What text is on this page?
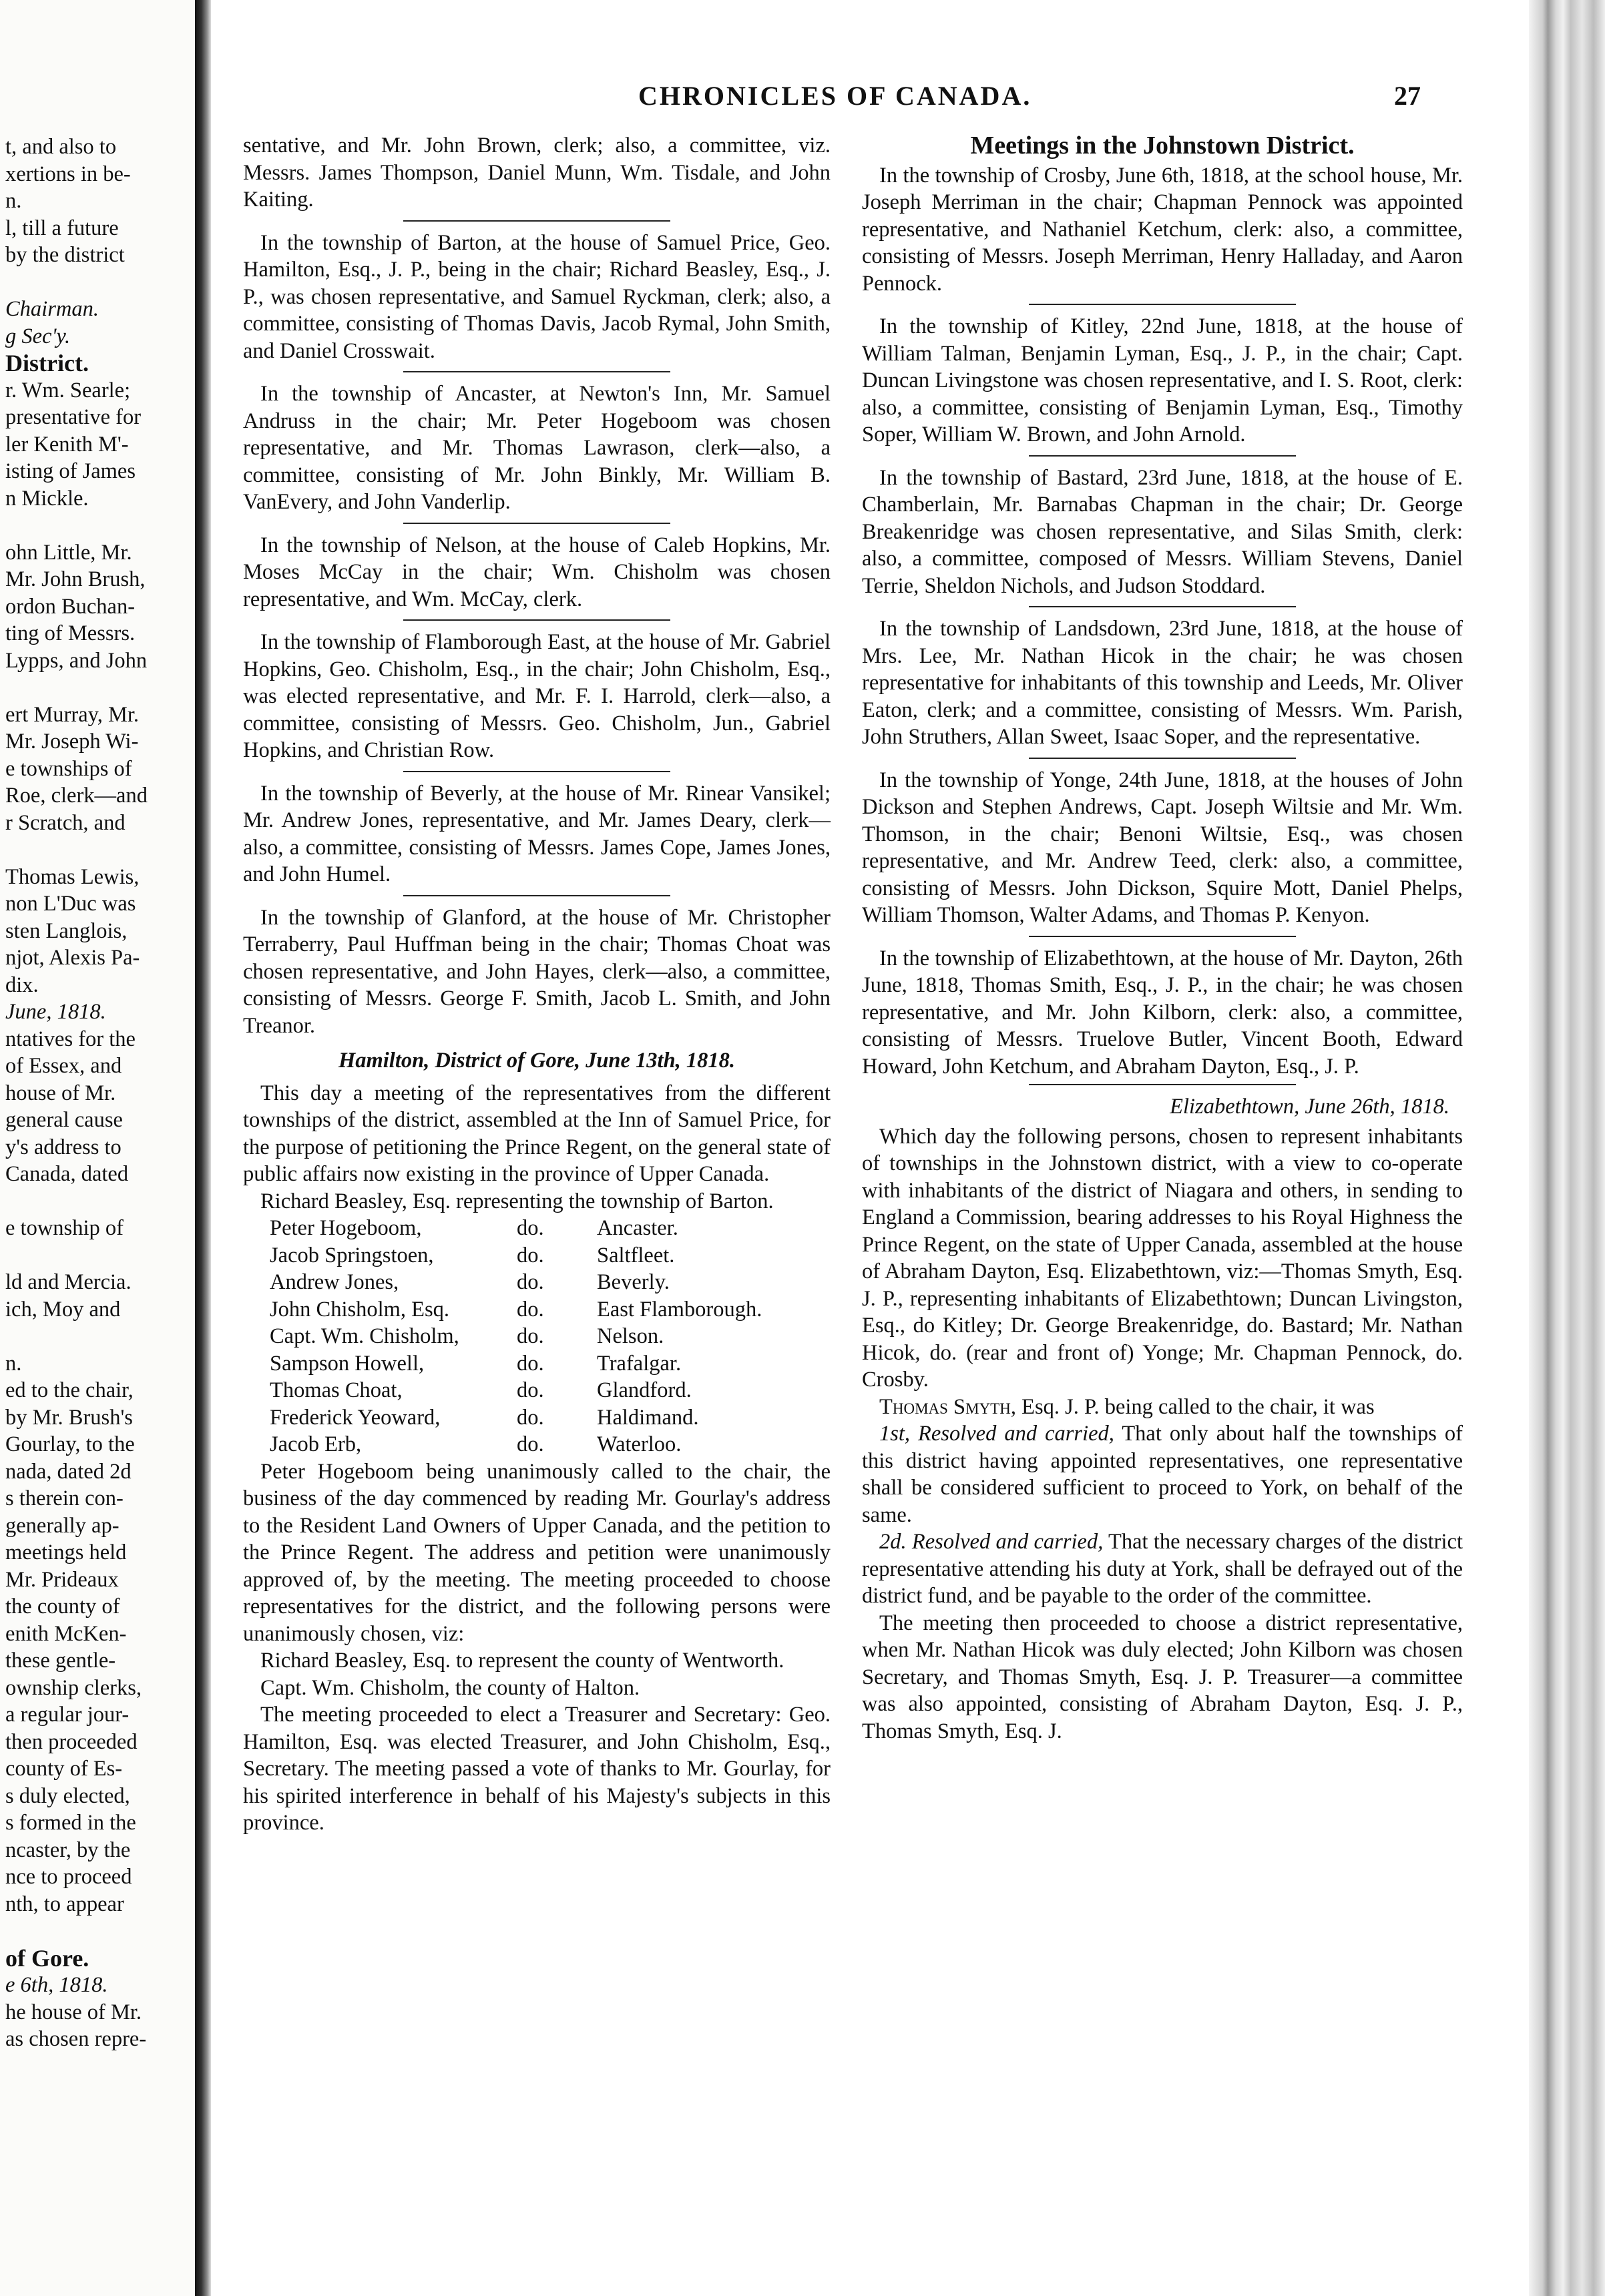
t, and also to
xertions in be-
n.
l, till a future
by the district
Chairman.
g Sec'y.
District.
r. Wm. Searle;
presentative for
ler Kenith M'-
isting of James
n Mickle.
ohn Little, Mr.
Mr. John Brush,
ordon Buchan-
ting of Messrs.
Lypps, and John
ert Murray, Mr.
Mr. Joseph Wi-
e townships of
Roe, clerk—and
r Scratch, and
Thomas Lewis,
non L'Duc was
sten Langlois,
njot, Alexis Pa-
dix.
June, 1818.
ntatives for the
of Essex, and
house of Mr.
general cause
y's address to
Canada, dated
e township of
ld and Mercia.
ich, Moy and
n.
ed to the chair,
by Mr. Brush's
Gourlay, to the
nada, dated 2d
s therein con-
generally ap-
meetings held
Mr. Prideaux
the county of
enith McKen-
these gentle-
ownship clerks,
a regular jour-
then proceeded
county of Es-
s duly elected,
s formed in the
ncaster, by the
nce to proceed
nth, to appear
of Gore.
e 6th, 1818.
he house of Mr.
as chosen repre-
CHRONICLES OF CANADA.	27

sentative, and Mr. John Brown, clerk; also, a committee, viz. Messrs. James Thompson, Daniel Munn, Wm. Tisdale, and John Kaiting.

In the township of Barton, at the house of Samuel Price, Geo. Hamilton, Esq., J. P., being in the chair; Richard Beasley, Esq., J. P., was chosen representative, and Samuel Ryckman, clerk; also, a committee, consisting of Thomas Davis, Jacob Rymal, John Smith, and Daniel Crosswait.

In the township of Ancaster, at Newton's Inn, Mr. Samuel Andruss in the chair; Mr. Peter Hogeboom was chosen representative, and Mr. Thomas Lawrason, clerk—also, a committee, consisting of Mr. John Binkly, Mr. William B. VanEvery, and John Vanderlip.

In the township of Nelson, at the house of Caleb Hopkins, Mr. Moses McCay in the chair; Wm. Chisholm was chosen representative, and Wm. McCay, clerk.

In the township of Flamborough East, at the house of Mr. Gabriel Hopkins, Geo. Chisholm, Esq., in the chair; John Chisholm, Esq., was elected representative, and Mr. F. I. Harrold, clerk—also, a committee, consisting of Messrs. Geo. Chisholm, Jun., Gabriel Hopkins, and Christian Row.

In the township of Beverly, at the house of Mr. Rinear Vansikel; Mr. Andrew Jones, representative, and Mr. James Deary, clerk—also, a committee, consisting of Messrs. James Cope, James Jones, and John Humel.

In the township of Glanford, at the house of Mr. Christopher Terraberry, Paul Huffman being in the chair; Thomas Choat was chosen representative, and John Hayes, clerk—also, a committee, consisting of Messrs. George F. Smith, Jacob L. Smith, and John Treanor.

Hamilton, District of Gore, June 13th, 1818.

This day a meeting of the representatives from the different townships of the district, assembled at the Inn of Samuel Price, for the purpose of petitioning the Prince Regent, on the general state of public affairs now existing in the province of Upper Canada.

Richard Beasley, Esq. representing the township of Barton.

Peter Hogeboom,	do.	Ancaster.
Jacob Springstoen,	do.	Saltfleet.
Andrew Jones,	do.	Beverly.
John Chisholm, Esq.	do.	East Flamborough.
Capt. Wm. Chisholm,	do.	Nelson.
Sampson Howell,	do.	Trafalgar.
Thomas Choat,	do.	Glandford.
Frederick Yeoward,	do.	Haldimand.
Jacob Erb,	do.	Waterloo.

Peter Hogeboom being unanimously called to the chair, the business of the day commenced by reading Mr. Gourlay's address to the Resident Land Owners of Upper Canada, and the petition to the Prince Regent. The address and petition were unanimously approved of, by the meeting. The meeting proceeded to choose representatives for the district, and the following persons were unanimously chosen, viz:

Richard Beasley, Esq. to represent the county of Wentworth.

Capt. Wm. Chisholm, the county of Halton.

The meeting proceeded to elect a Treasurer and Secretary: Geo. Hamilton, Esq. was elected Treasurer, and John Chisholm, Esq., Secretary. The meeting passed a vote of thanks to Mr. Gourlay, for his spirited interference in behalf of his Majesty's subjects in this province.

Meetings in the Johnstown District.

In the township of Crosby, June 6th, 1818, at the school house, Mr. Joseph Merriman in the chair; Chapman Pennock was appointed representative, and Nathaniel Ketchum, clerk: also, a committee, consisting of Messrs. Joseph Merriman, Henry Halladay, and Aaron Pennock.

In the township of Kitley, 22nd June, 1818, at the house of William Talman, Benjamin Lyman, Esq., J. P., in the chair; Capt. Duncan Livingstone was chosen representative, and I. S. Root, clerk: also, a committee, consisting of Benjamin Lyman, Esq., Timothy Soper, William W. Brown, and John Arnold.

In the township of Bastard, 23rd June, 1818, at the house of E. Chamberlain, Mr. Barnabas Chapman in the chair; Dr. George Breakenridge was chosen representative, and Silas Smith, clerk: also, a committee, composed of Messrs. William Stevens, Daniel Terrie, Sheldon Nichols, and Judson Stoddard.

In the township of Landsdown, 23rd June, 1818, at the house of Mrs. Lee, Mr. Nathan Hicok in the chair; he was chosen representative for inhabitants of this township and Leeds, Mr. Oliver Eaton, clerk; and a committee, consisting of Messrs. Wm. Parish, John Struthers, Allan Sweet, Isaac Soper, and the representative.

In the township of Yonge, 24th June, 1818, at the houses of John Dickson and Stephen Andrews, Capt. Joseph Wiltsie and Mr. Wm. Thomson, in the chair; Benoni Wiltsie, Esq., was chosen representative, and Mr. Andrew Teed, clerk: also, a committee, consisting of Messrs. John Dickson, Squire Mott, Daniel Phelps, William Thomson, Walter Adams, and Thomas P. Kenyon.

In the township of Elizabethtown, at the house of Mr. Dayton, 26th June, 1818, Thomas Smith, Esq., J. P., in the chair; he was chosen representative, and Mr. John Kilborn, clerk: also, a committee, consisting of Messrs. Truelove Butler, Vincent Booth, Edward Howard, John Ketchum, and Abraham Dayton, Esq., J. P.

Elizabethtown, June 26th, 1818.

Which day the following persons, chosen to represent inhabitants of townships in the Johnstown district, with a view to co-operate with inhabitants of the district of Niagara and others, in sending to England a Commission, bearing addresses to his Royal Highness the Prince Regent, on the state of Upper Canada, assembled at the house of Abraham Dayton, Esq. Elizabethtown, viz:—Thomas Smyth, Esq. J. P., representing inhabitants of Elizabethtown; Duncan Livingston, Esq., do Kitley; Dr. George Breakenridge, do. Bastard; Mr. Nathan Hicok, do. (rear and front of) Yonge; Mr. Chapman Pennock, do. Crosby.

Thomas Smyth, Esq. J. P. being called to the chair, it was

1st, Resolved and carried, That only about half the townships of this district having appointed representatives, one representative shall be considered sufficient to proceed to York, on behalf of the same.

2d. Resolved and carried, That the necessary charges of the district representative attending his duty at York, shall be defrayed out of the district fund, and be payable to the order of the committee.

The meeting then proceeded to choose a district representative, when Mr. Nathan Hicok was duly elected; John Kilborn was chosen Secretary, and Thomas Smyth, Esq. J. P. Treasurer—a committee was also appointed, consisting of Abraham Dayton, Esq. J. P., Thomas Smyth, Esq. J.
